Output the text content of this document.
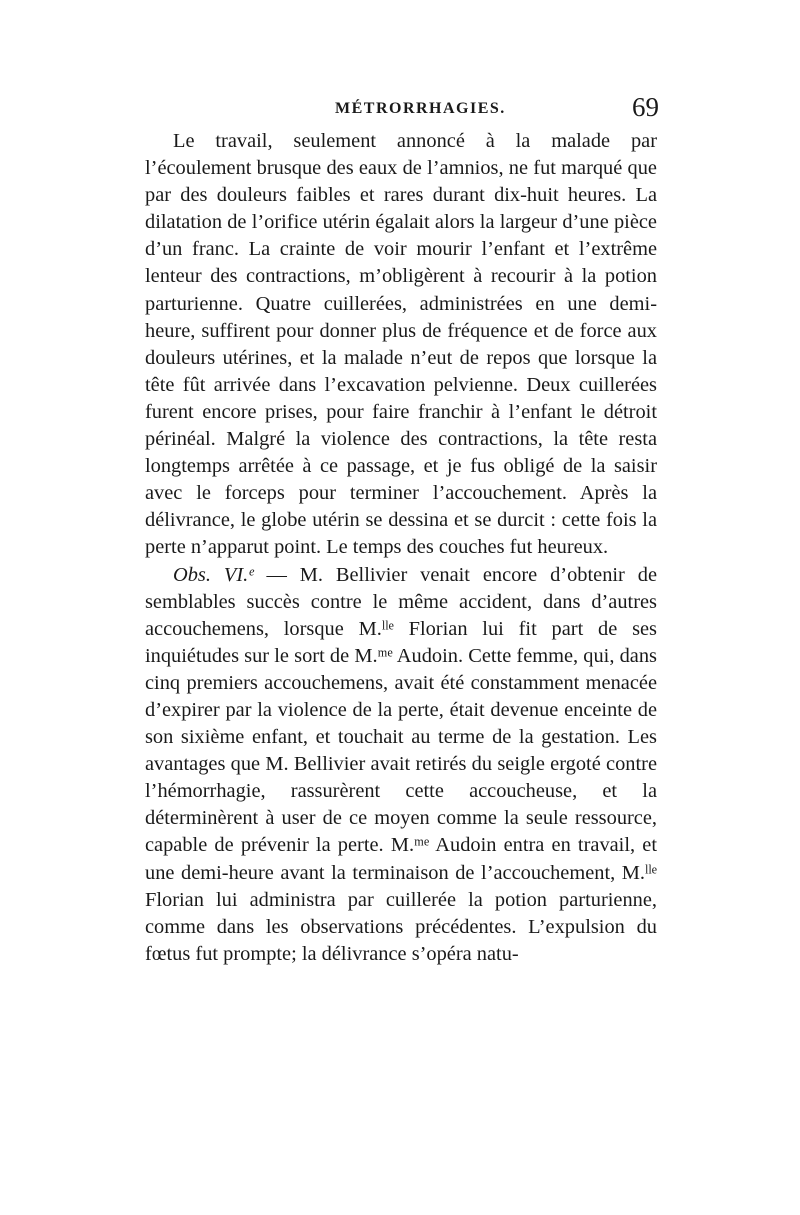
MÉTRORRHAGIES.	69

Le travail, seulement annoncé à la malade par l’écoulement brusque des eaux de l’amnios, ne fut marqué que par des douleurs faibles et rares durant dix-huit heures. La dilatation de l’orifice utérin égalait alors la largeur d’une pièce d’un franc. La crainte de voir mourir l’enfant et l’extrême lenteur des contractions, m’obligèrent à recourir à la potion parturienne. Quatre cuillerées, administrées en une demi-heure, suffirent pour donner plus de fréquence et de force aux douleurs utérines, et la malade n’eut de repos que lorsque la tête fût arrivée dans l’excavation pelvienne. Deux cuillerées furent encore prises, pour faire franchir à l’enfant le détroit périnéal. Malgré la violence des contractions, la tête resta longtemps arrêtée à ce passage, et je fus obligé de la saisir avec le forceps pour terminer l’accouchement. Après la délivrance, le globe utérin se dessina et se durcit : cette fois la perte n’apparut point. Le temps des couches fut heureux.

Obs. VI.ᵉ — M. Bellivier venait encore d’obtenir de semblables succès contre le même accident, dans d’autres accouchemens, lorsque M.ˡˡᵉ Florian lui fit part de ses inquiétudes sur le sort de M.ᵐᵉ Audoin. Cette femme, qui, dans cinq premiers accouchemens, avait été constamment menacée d’expirer par la violence de la perte, était devenue enceinte de son sixième enfant, et touchait au terme de la gestation. Les avantages que M. Bellivier avait retirés du seigle ergoté contre l’hémorrhagie, rassurèrent cette accoucheuse, et la déterminèrent à user de ce moyen comme la seule ressource, capable de prévenir la perte. M.ᵐᵉ Audoin entra en travail, et une demi-heure avant la terminaison de l’accouchement, M.ˡˡᵉ Florian lui administra par cuillerée la potion parturienne, comme dans les observations précédentes. L’expulsion du fœtus fut prompte; la délivrance s’opéra natu-
